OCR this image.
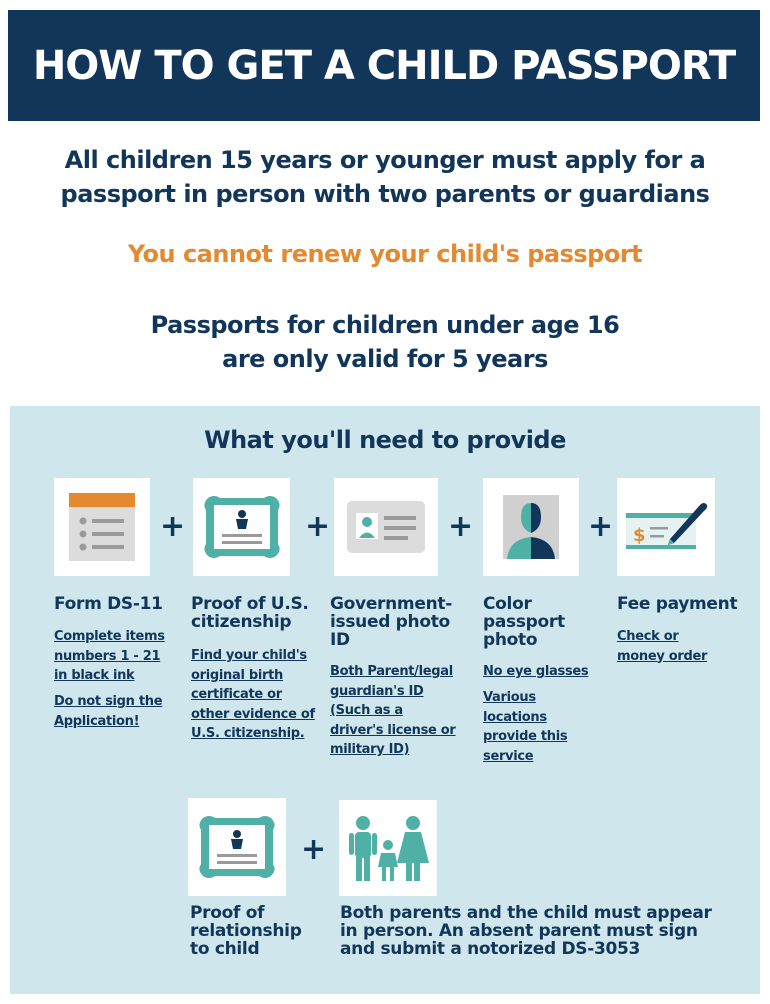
HOW TO GET A CHILD PASSPORT
All children 15 years or younger must apply for a
passport in person with two parents or guardians
You cannot renew your child's passport
Passports for children under age 16
are only valid for 5 years
What you'll need to provide
+	+	+	+ $
Form DS-11
Complete items
numbers 1 - 21
in black ink
Do not sign the
Application!
Proof of U.S.
citizenship
Find your child's
original birth
certificate or
other evidence of
U.S. citizenship.
Government-
issued photo
ID
Both Parent/legal
guardian's ID
(Such as a
driver's license or
military ID)
Color
passport
photo
No eye glasses
Various
locations
provide this
service
Fee payment
Check or
money order
+
Proof of
relationship
to child
Both parents and the child must appear
in person. An absent parent must sign
and submit a notorized DS-3053
